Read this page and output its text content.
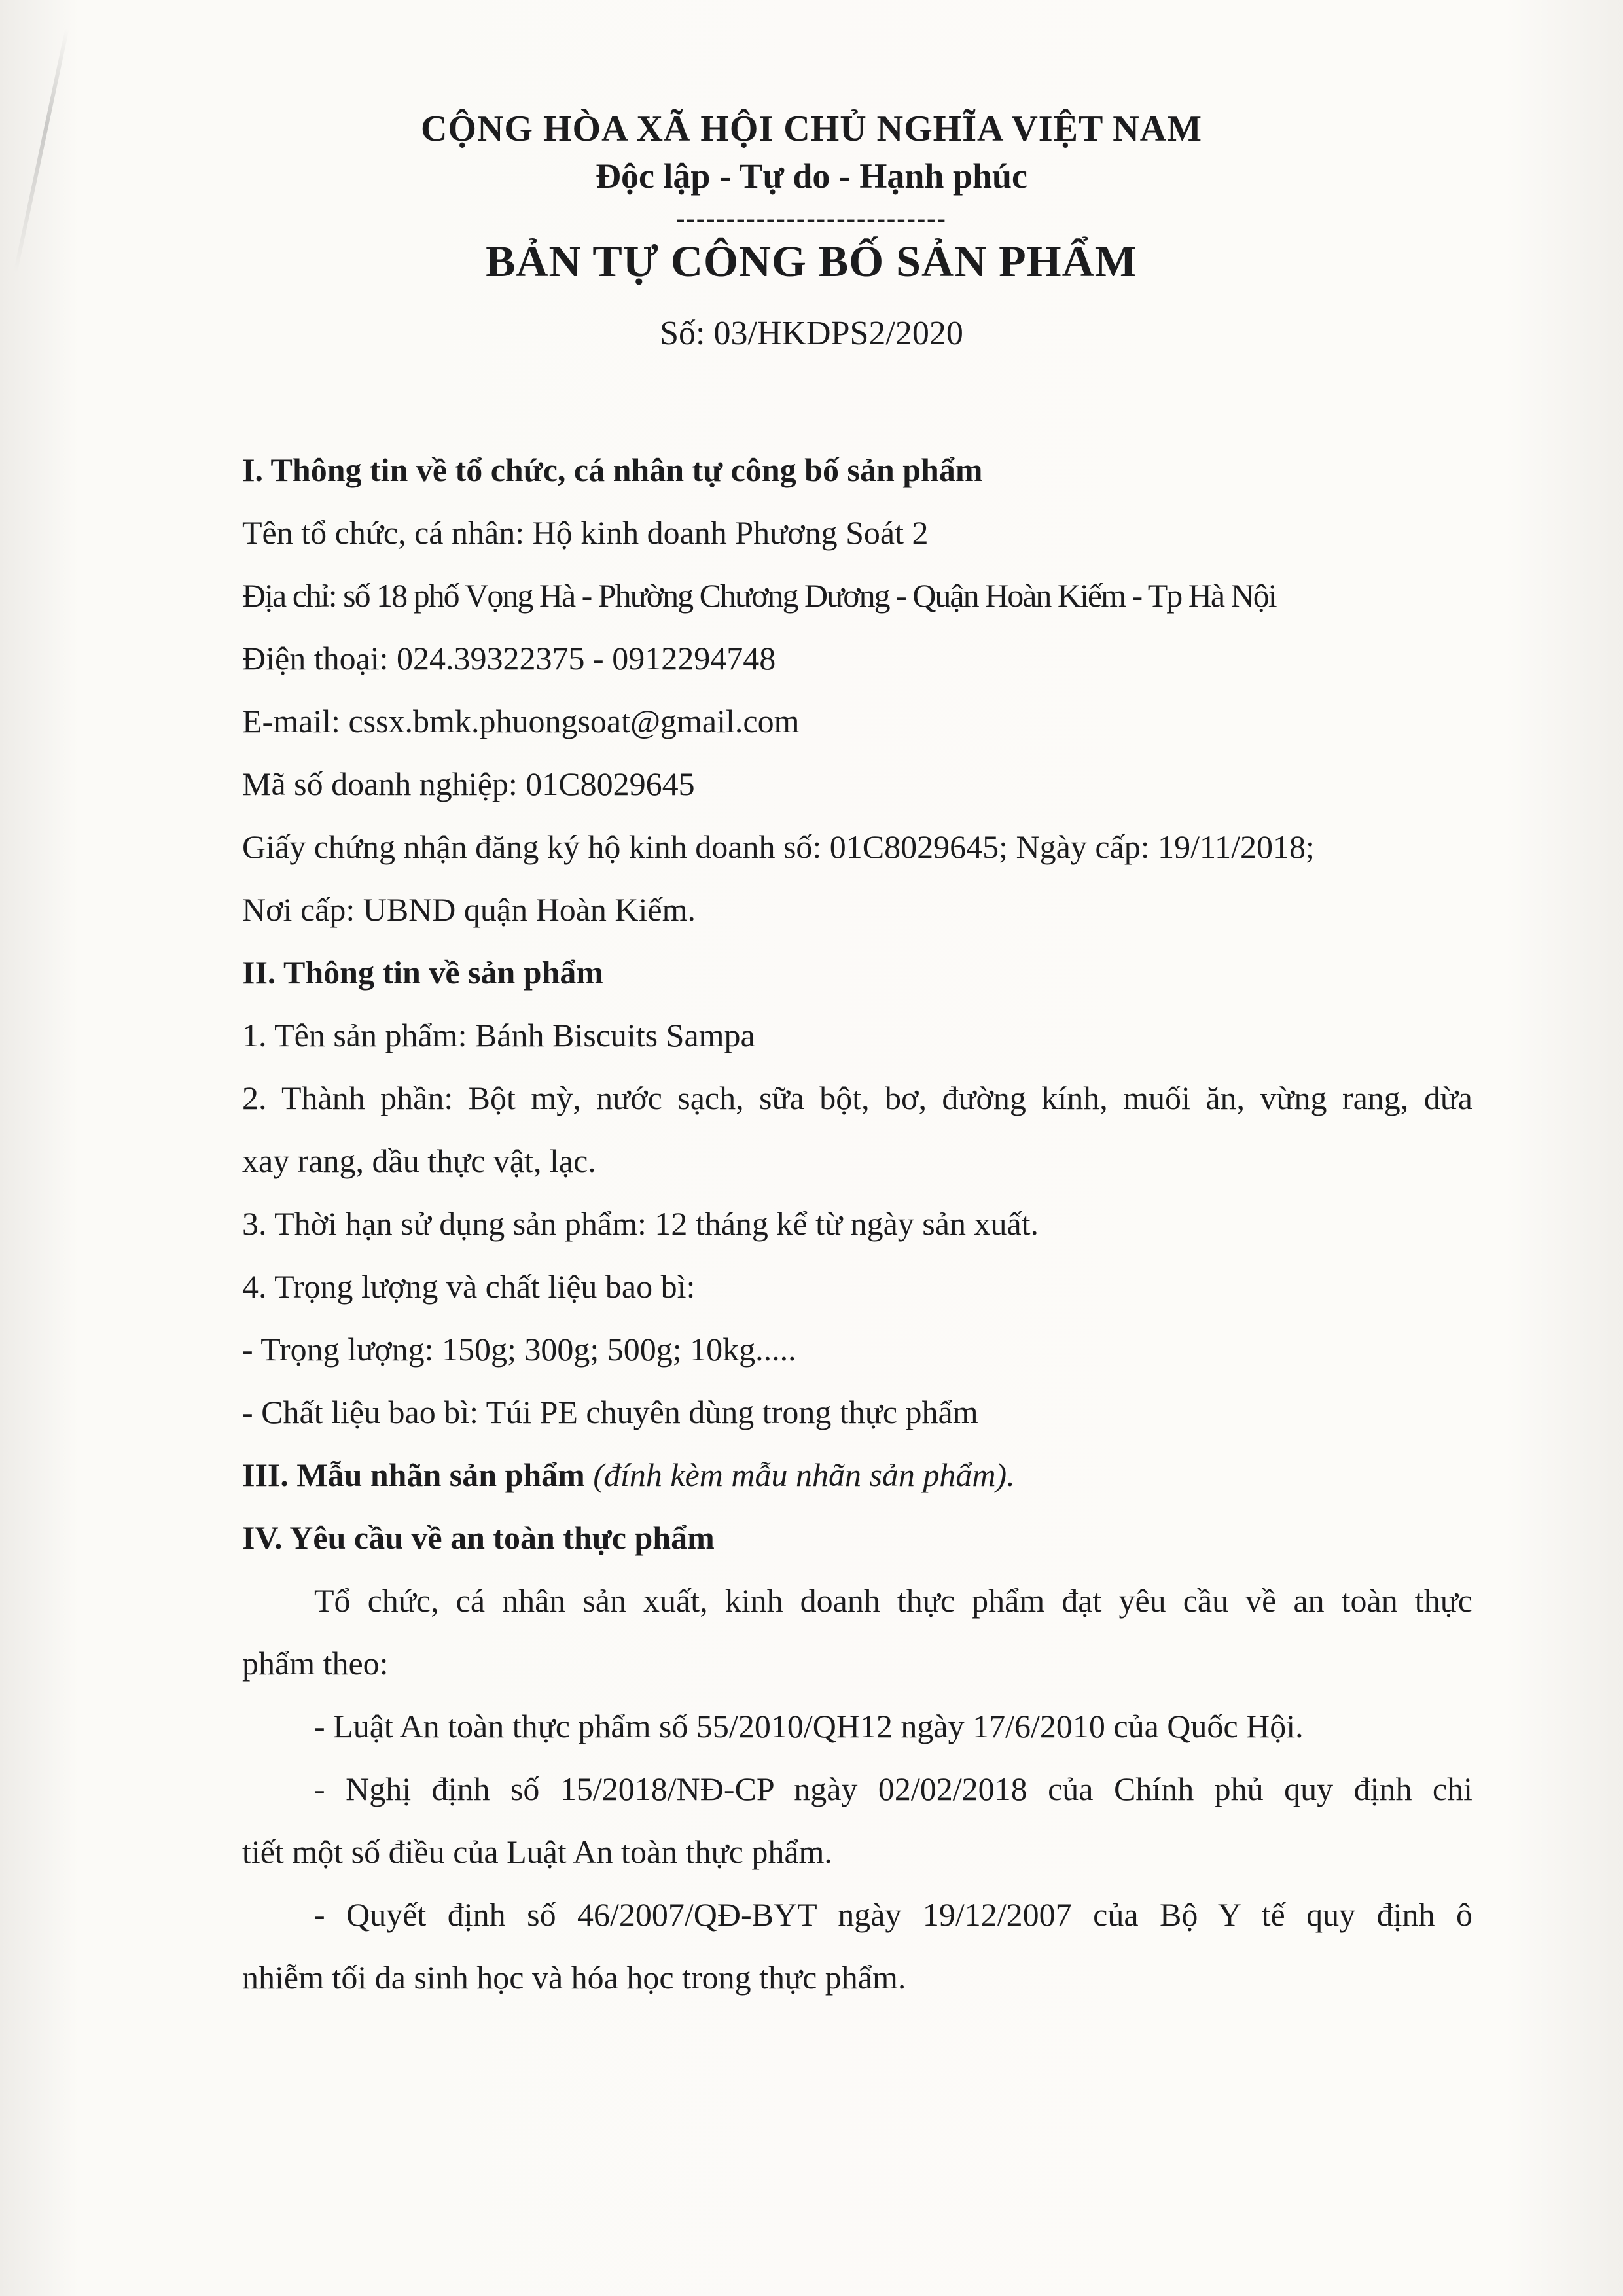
CỘNG HÒA XÃ HỘI CHỦ NGHĨA VIỆT NAM
Độc lập - Tự do - Hạnh phúc
---------------------------
BẢN TỰ CÔNG BỐ SẢN PHẨM
Số: 03/HKDPS2/2020
I. Thông tin về tổ chức, cá nhân tự công bố sản phẩm
Tên tổ chức, cá nhân: Hộ kinh doanh Phương Soát 2
Địa chỉ: số 18 phố Vọng Hà - Phường Chương Dương - Quận Hoàn Kiếm - Tp Hà Nội
Điện thoại: 024.39322375 - 0912294748
E-mail: cssx.bmk.phuongsoat@gmail.com
Mã số doanh nghiệp: 01C8029645
Giấy chứng nhận đăng ký hộ kinh doanh số: 01C8029645; Ngày cấp: 19/11/2018;
Nơi cấp: UBND quận Hoàn Kiếm.
II. Thông tin về sản phẩm
1. Tên sản phẩm: Bánh Biscuits Sampa
2. Thành phần: Bột mỳ, nước sạch, sữa bột, bơ, đường kính, muối ăn, vừng rang, dừa
xay rang, dầu thực vật, lạc.
3. Thời hạn sử dụng sản phẩm: 12 tháng kể từ ngày sản xuất.
4. Trọng lượng và chất liệu bao bì:
- Trọng lượng: 150g; 300g; 500g; 10kg.....
- Chất liệu bao bì: Túi PE chuyên dùng trong thực phẩm
III. Mẫu nhãn sản phẩm (đính kèm mẫu nhãn sản phẩm).
IV. Yêu cầu về an toàn thực phẩm
Tổ chức, cá nhân sản xuất, kinh doanh thực phẩm đạt yêu cầu về an toàn thực
phẩm theo:
- Luật An toàn thực phẩm số 55/2010/QH12 ngày 17/6/2010 của Quốc Hội.
- Nghị định số 15/2018/NĐ-CP ngày 02/02/2018 của Chính phủ quy định chi
tiết một số điều của Luật An toàn thực phẩm.
- Quyết định số 46/2007/QĐ-BYT ngày 19/12/2007 của Bộ Y tế quy định ô
nhiễm tối da sinh học và hóa học trong thực phẩm.
